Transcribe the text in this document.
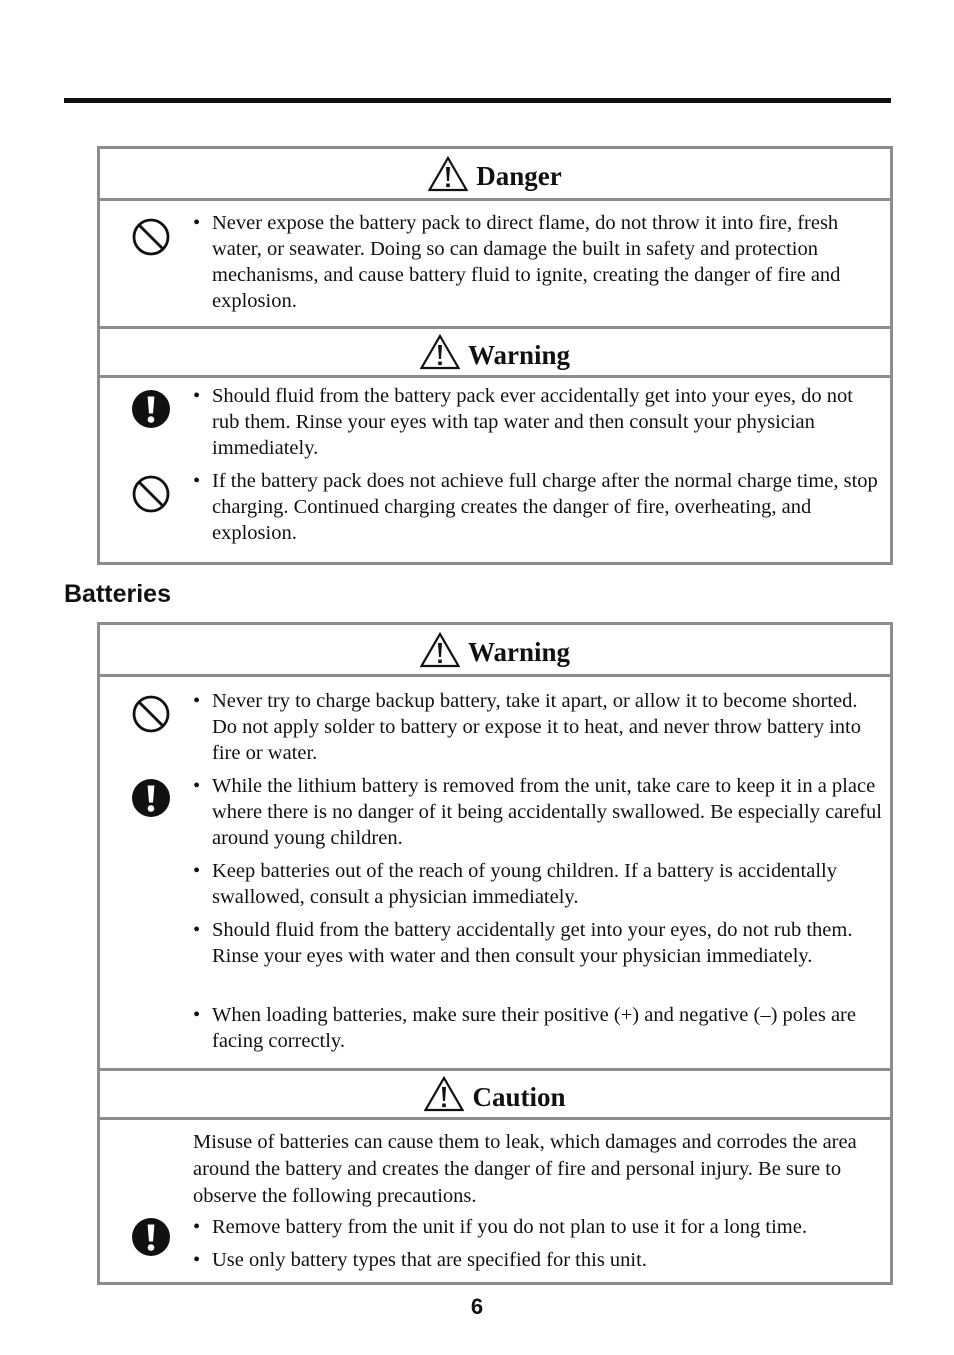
Danger
• Never expose the battery pack to direct flame, do not throw it into fire, fresh water, or seawater. Doing so can damage the built in safety and protection mechanisms, and cause battery fluid to ignite, creating the danger of fire and explosion.
Warning
• Should fluid from the battery pack ever accidentally get into your eyes, do not rub them. Rinse your eyes with tap water and then consult your physician immediately.
• If the battery pack does not achieve full charge after the normal charge time, stop charging. Continued charging creates the danger of fire, overheating, and explosion.
Batteries
Warning
• Never try to charge backup battery, take it apart, or allow it to become shorted. Do not apply solder to battery or expose it to heat, and never throw battery into fire or water.
• While the lithium battery is removed from the unit, take care to keep it in a place where there is no danger of it being accidentally swallowed. Be especially careful around young children.
• Keep batteries out of the reach of young children. If a battery is accidentally swallowed, consult a physician immediately.
• Should fluid from the battery accidentally get into your eyes, do not rub them. Rinse your eyes with water and then consult your physician immediately.
• When loading batteries, make sure their positive (+) and negative (–) poles are facing correctly.
Caution
Misuse of batteries can cause them to leak, which damages and corrodes the area around the battery and creates the danger of fire and personal injury. Be sure to observe the following precautions.
• Remove battery from the unit if you do not plan to use it for a long time.
• Use only battery types that are specified for this unit.
6
